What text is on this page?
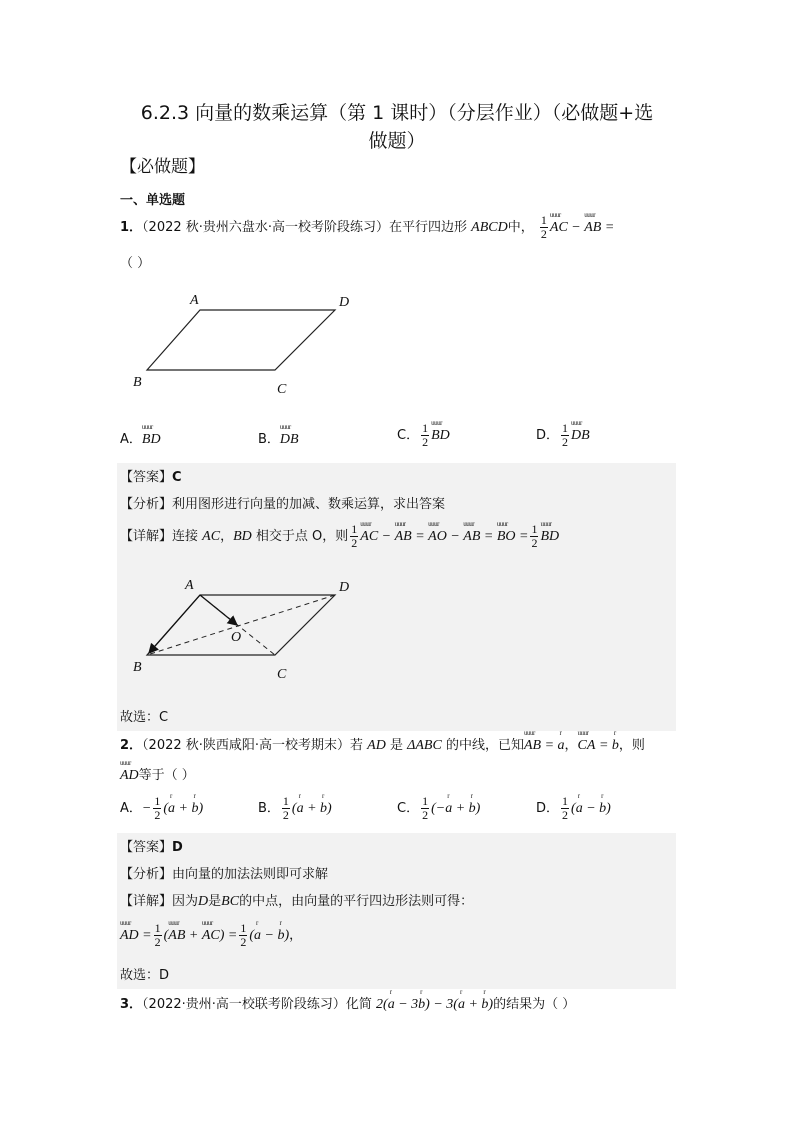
6.2.3 向量的数乘运算（第 1 课时）（分层作业）（必做题+选
做题）
【必做题】
一、单选题
1．（2022 秋·贵州六盘水·高一校考阶段练习）在平行四边形 ABCD中， $\frac{1}{2}$ uuur AC − uuur AB =
（ ）
A	D
B	C
A．uuur BD	B．uuur DB	C． $\frac{1}{2}$ uuur BD	D． $\frac{1}{2}$ uuur DB
【答案】C
【分析】利用图形进行向量的加减、数乘运算，求出答案
【详解】连接 AC，BD 相交于点 O，则 $\frac{1}{2}$ uuur AC − uuur AB = uuur AO − uuur AB = uuur BO = $\frac{1}{2}$ uuur BD
A	D
O
B	C
故选：C
2．（2022 秋·陕西咸阳·高一校考期末）若 AD 是 ΔABC 的中线，已知uuur AB = r a，uuur CA = r b，则
uuur AD等于（ ）
A．− $\frac{1}{2} (r$ a + r b)	B． $\frac{1}{2} (r$ a + r b)	C． $\frac{1}{2} (-r$ a + r b)	D． $\frac{1}{2} (r$ a − r b)
【答案】D
【分析】由向量的加法法则即可求解
【详解】因为D是BC的中点，由向量的平行四边形法则可得：
uuur AD = $\frac{1}{2}$ (uuur AB + uuur $AC) = \frac{1}{2} (r$ a − r b)，
故选：D
3．（2022·贵州·高一校联考阶段练习）化简 2(r a − 3r b) − 3(r a + r b)的结果为（ ）
